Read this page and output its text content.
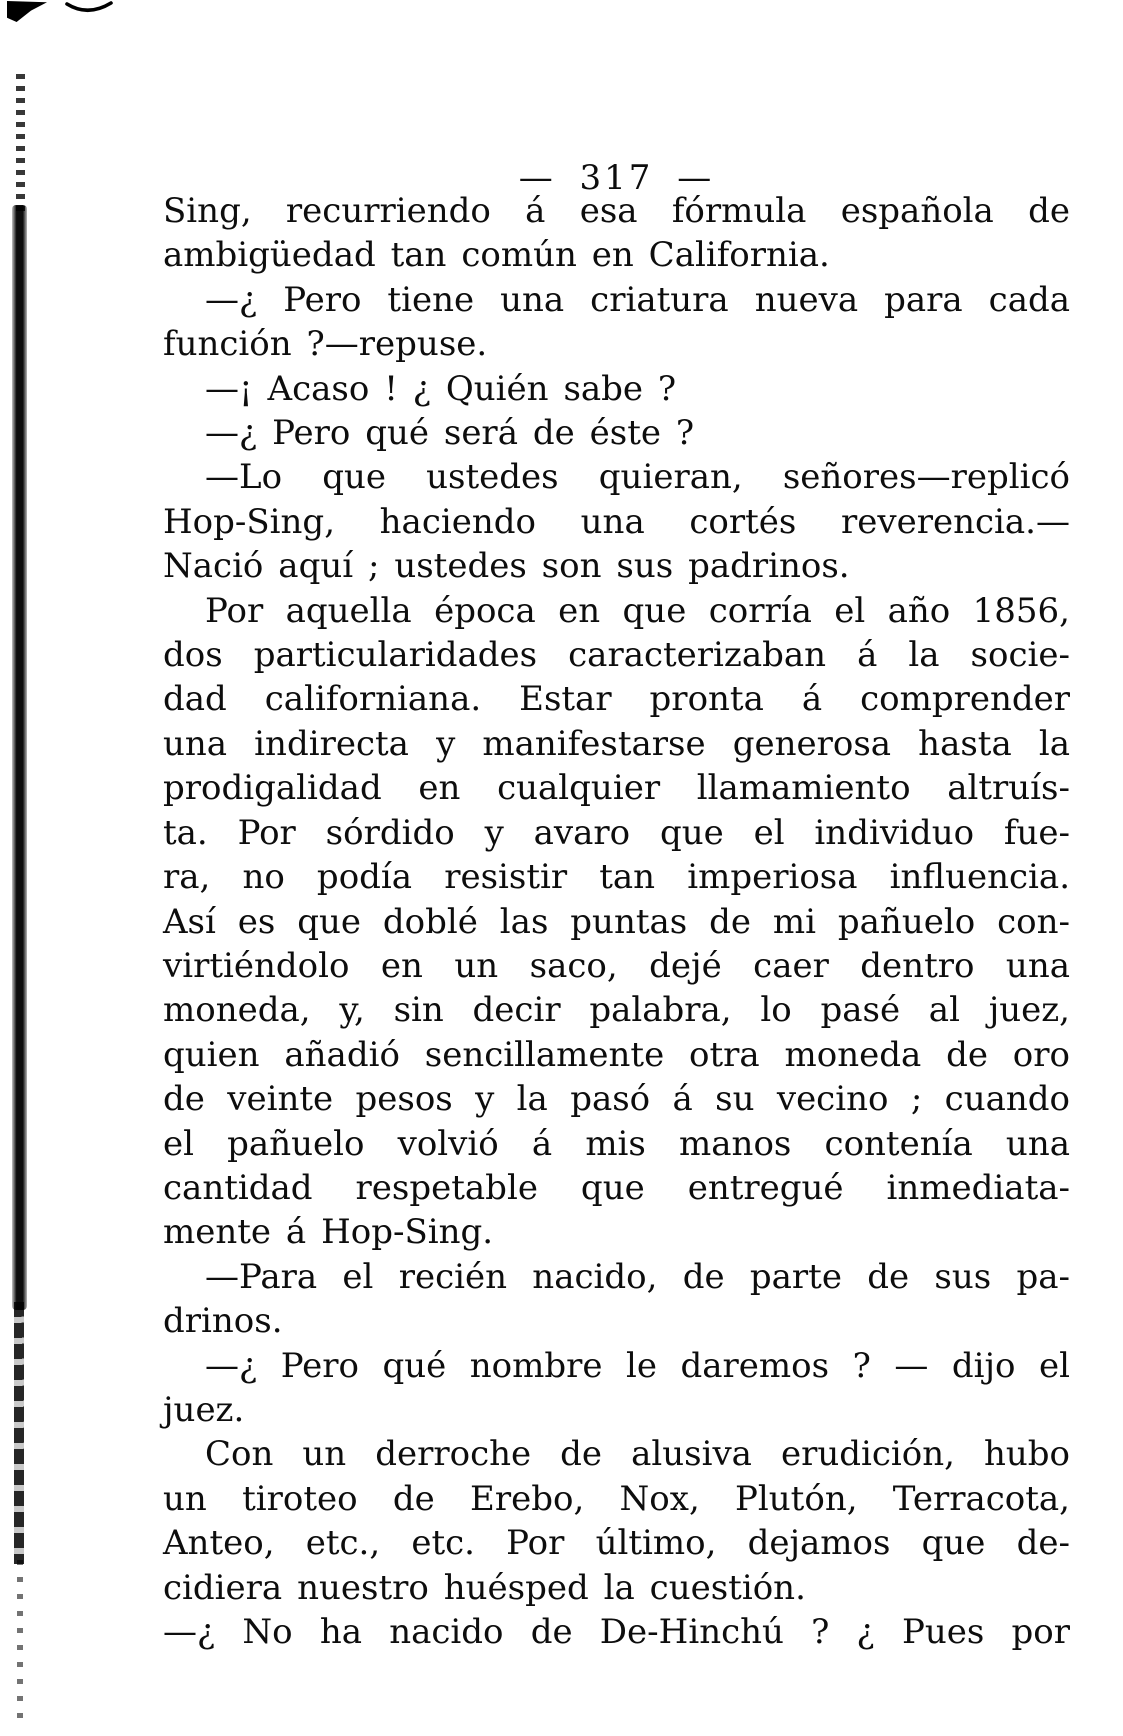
— 317 —
Sing, recurriendo á esa fórmula española de
ambigüedad tan común en California.
—¿ Pero tiene una criatura nueva para cada
función ?—repuse.
—¡ Acaso ! ¿ Quién sabe ?
—¿ Pero qué será de éste ?
—Lo que ustedes quieran, señores—replicó
Hop-Sing, haciendo una cortés reverencia.—
Nació aquí ; ustedes son sus padrinos.
Por aquella época en que corría el año 1856,
dos particularidades caracterizaban á la socie-
dad californiana. Estar pronta á comprender
una indirecta y manifestarse generosa hasta la
prodigalidad en cualquier llamamiento altruís-
ta. Por sórdido y avaro que el individuo fue-
ra, no podía resistir tan imperiosa influencia.
Así es que doblé las puntas de mi pañuelo con-
virtiéndolo en un saco, dejé caer dentro una
moneda, y, sin decir palabra, lo pasé al juez,
quien añadió sencillamente otra moneda de oro
de veinte pesos y la pasó á su vecino ; cuando
el pañuelo volvió á mis manos contenía una
cantidad respetable que entregué inmediata-
mente á Hop-Sing.
—Para el recién nacido, de parte de sus pa-
drinos.
—¿ Pero qué nombre le daremos ? — dijo el
juez.
Con un derroche de alusiva erudición, hubo
un tiroteo de Erebo, Nox, Plutón, Terracota,
Anteo, etc., etc. Por último, dejamos que de-
cidiera nuestro huésped la cuestión.
—¿ No ha nacido de De-Hinchú ? ¿ Pues por
